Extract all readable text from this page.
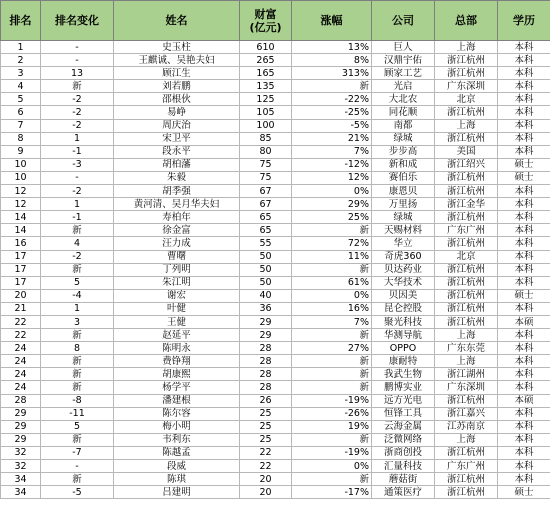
排名	排名变化	姓名	财富
(亿元)	涨幅	公司	总部	学历
1	-	史玉柱	610	13%	巨人	上海	本科
2	-	王麒诚、吴艳夫妇	265	8%	汉鼎宇佑	浙江杭州	本科
3	13	顾江生	165	313%	顾家工艺	浙江杭州	本科
4	新	刘若鹏	135	新	光启	广东深圳	本科
5	-2	邵根伙	125	-22%	大北农	北京	本科
6	-2	易峥	105	-25%	同花顺	浙江杭州	本科
7	-2	周庆治	100	-5%	南都	上海	本科
8	1	宋卫平	85	21%	绿城	浙江杭州	本科
9	-1	段永平	80	7%	步步高	美国	本科
10	-3	胡柏藩	75	-12%	新和成	浙江绍兴	硕士
10	-	朱毅	75	12%	赛伯乐	浙江杭州	硕士
12	-2	胡季强	67	0%	康恩贝	浙江杭州	本科
12	1	黄河清、吴月华夫妇	67	29%	万里扬	浙江金华	本科
14	-1	寿柏年	65	25%	绿城	浙江杭州	本科
14	新	徐金富	65	新	天赐材料	广东广州	本科
16	4	汪力成	55	72%	华立	浙江杭州	本科
17	-2	曹曙	50	11%	奇虎360	北京	本科
17	新	丁列明	50	新	贝达药业	浙江杭州	本科
17	5	朱江明	50	61%	大华技术	浙江杭州	本科
20	-4	谢宏	40	0%	贝因美	浙江杭州	硕士
21	1	叶健	36	16%	昆仑控股	浙江杭州	本科
22	3	王健	29	7%	聚光科技	浙江杭州	本硕
22	新	赵延平	29	新	华测导航	上海	本科
24	8	陈明永	28	27%	OPPO	广东东莞	本科
24	新	费铮翔	28	新	康耐特	上海	本科
24	新	胡康熙	28	新	我武生物	浙江湖州	本科
24	新	杨学平	28	新	鹏博实业	广东深圳	本科
28	-8	潘建根	26	-19%	远方光电	浙江杭州	本硕
29	-11	陈尔容	25	-26%	恒锋工具	浙江嘉兴	本科
29	5	梅小明	25	19%	云海金属	江苏南京	本科
29	新	韦利东	25	新	泛微网络	上海	本科
32	-7	陈越孟	22	-19%	浙商创投	浙江杭州	本科
32	-	段威	22	0%	汇量科技	广东广州	本科
34	新	陈琪	20	新	蘑菇街	浙江杭州	本科
34	-5	吕建明	20	-17%	通策医疗	浙江杭州	硕士
